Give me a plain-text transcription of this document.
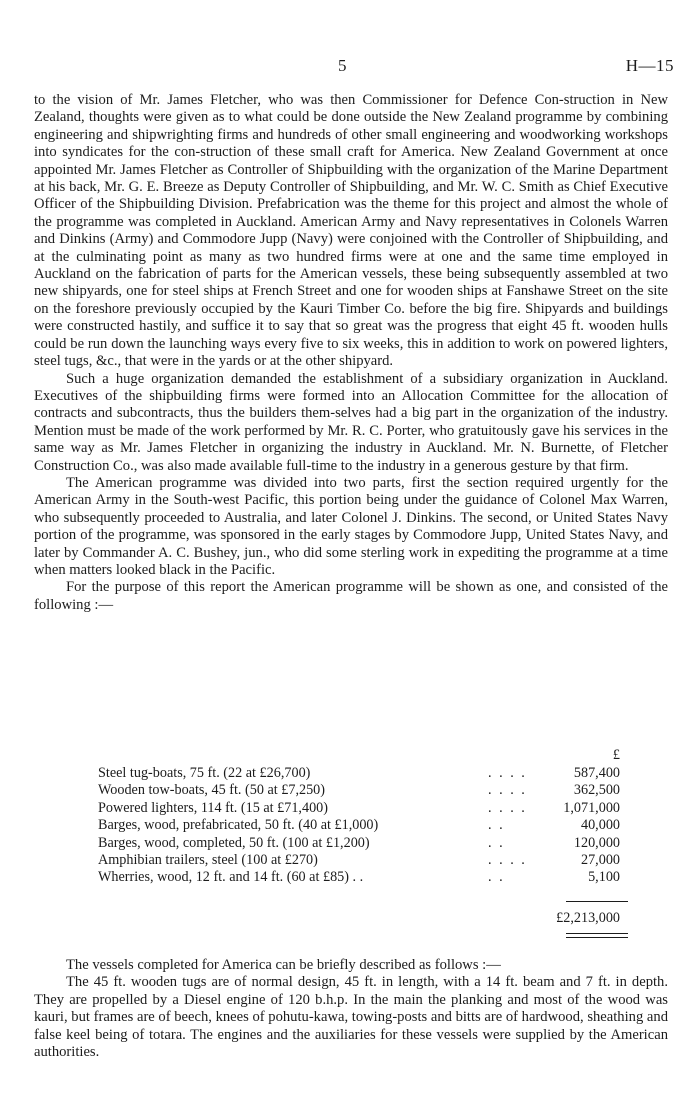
5	H—15

to the vision of Mr. James Fletcher, who was then Commissioner for Defence Con-struction in New Zealand, thoughts were given as to what could be done outside the New Zealand programme by combining engineering and shipwrighting firms and hundreds of other small engineering and woodworking workshops into syndicates for the con-struction of these small craft for America. New Zealand Government at once appointed Mr. James Fletcher as Controller of Shipbuilding with the organization of the Marine Department at his back, Mr. G. E. Breeze as Deputy Controller of Shipbuilding, and Mr. W. C. Smith as Chief Executive Officer of the Shipbuilding Division. Prefabrication was the theme for this project and almost the whole of the programme was completed in Auckland. American Army and Navy representatives in Colonels Warren and Dinkins (Army) and Commodore Jupp (Navy) were conjoined with the Controller of Shipbuilding, and at the culminating point as many as two hundred firms were at one and the same time employed in Auckland on the fabrication of parts for the American vessels, these being subsequently assembled at two new shipyards, one for steel ships at French Street and one for wooden ships at Fanshawe Street on the site on the foreshore previously occupied by the Kauri Timber Co. before the big fire. Shipyards and buildings were constructed hastily, and suffice it to say that so great was the progress that eight 45 ft. wooden hulls could be run down the launching ways every five to six weeks, this in addition to work on powered lighters, steel tugs, &c., that were in the yards or at the other shipyard.

Such a huge organization demanded the establishment of a subsidiary organization in Auckland. Executives of the shipbuilding firms were formed into an Allocation Committee for the allocation of contracts and subcontracts, thus the builders them-selves had a big part in the organization of the industry. Mention must be made of the work performed by Mr. R. C. Porter, who gratuitously gave his services in the same way as Mr. James Fletcher in organizing the industry in Auckland. Mr. N. Burnette, of Fletcher Construction Co., was also made available full-time to the industry in a generous gesture by that firm.

The American programme was divided into two parts, first the section required urgently for the American Army in the South-west Pacific, this portion being under the guidance of Colonel Max Warren, who subsequently proceeded to Australia, and later Colonel J. Dinkins. The second, or United States Navy portion of the programme, was sponsored in the early stages by Commodore Jupp, United States Navy, and later by Commander A. C. Bushey, jun., who did some sterling work in expediting the programme at a time when matters looked black in the Pacific.

For the purpose of this report the American programme will be shown as one, and consisted of the following :—

£
Steel tug-boats, 75 ft. (22 at £26,700)	. . . .	587,400
Wooden tow-boats, 45 ft. (50 at £7,250)	. . . .	362,500
Powered lighters, 114 ft. (15 at £71,400)	. . . .	1,071,000
Barges, wood, prefabricated, 50 ft. (40 at £1,000)	. .	40,000
Barges, wood, completed, 50 ft. (100 at £1,200)	. .	120,000
Amphibian trailers, steel (100 at £270)	. . . .	27,000
Wherries, wood, 12 ft. and 14 ft. (60 at £85) . .	. .	5,100
£2,213,000

The vessels completed for America can be briefly described as follows :—

The 45 ft. wooden tugs are of normal design, 45 ft. in length, with a 14 ft. beam and 7 ft. in depth. They are propelled by a Diesel engine of 120 b.h.p. In the main the planking and most of the wood was kauri, but frames are of beech, knees of pohutu-kawa, towing-posts and bitts are of hardwood, sheathing and false keel being of totara. The engines and the auxiliaries for these vessels were supplied by the American authorities.
